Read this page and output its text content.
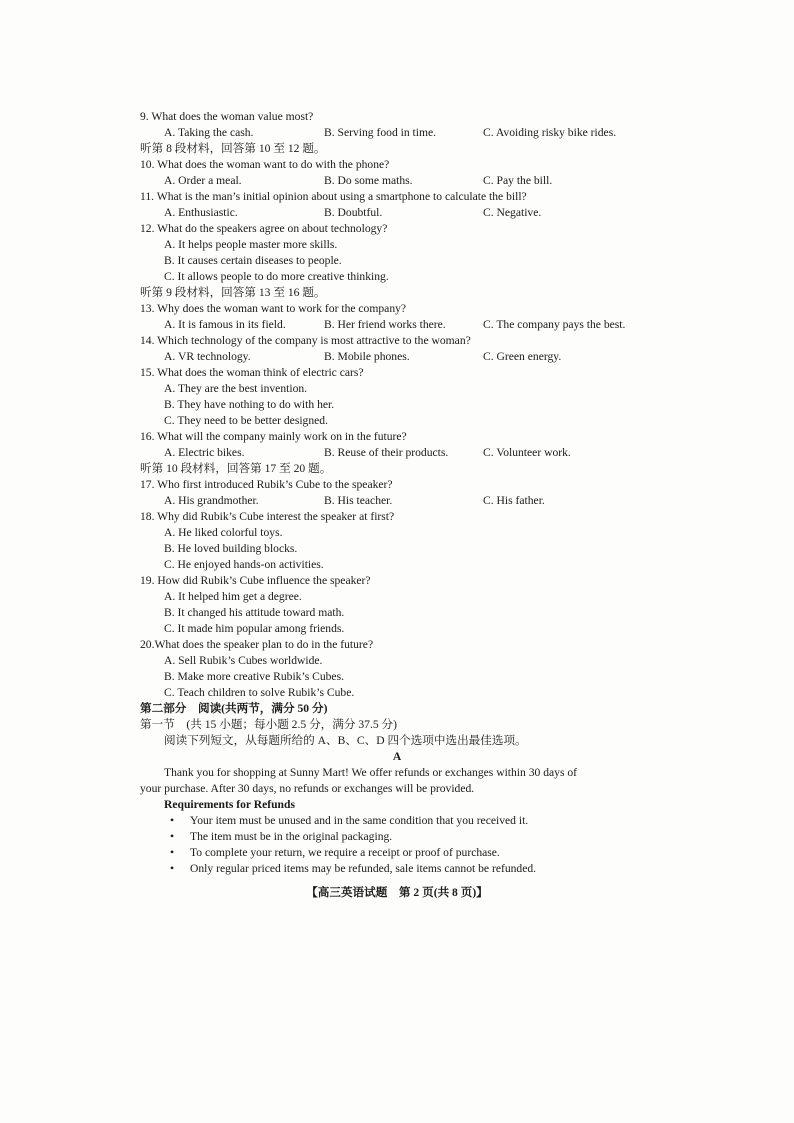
9. What does the woman value most?
A. Taking the cash.	B. Serving food in time.	C. Avoiding risky bike rides.
听第 8 段材料，回答第 10 至 12 题。
10. What does the woman want to do with the phone?
A. Order a meal.	B. Do some maths.	C. Pay the bill.
11. What is the man’s initial opinion about using a smartphone to calculate the bill?
A. Enthusiastic.	B. Doubtful.	C. Negative.
12. What do the speakers agree on about technology?
A. It helps people master more skills.
B. It causes certain diseases to people.
C. It allows people to do more creative thinking.
听第 9 段材料，回答第 13 至 16 题。
13. Why does the woman want to work for the company?
A. It is famous in its field.	B. Her friend works there.	C. The company pays the best.
14. Which technology of the company is most attractive to the woman?
A. VR technology.	B. Mobile phones.	C. Green energy.
15. What does the woman think of electric cars?
A. They are the best invention.
B. They have nothing to do with her.
C. They need to be better designed.
16. What will the company mainly work on in the future?
A. Electric bikes.	B. Reuse of their products.	C. Volunteer work.
听第 10 段材料，回答第 17 至 20 题。
17. Who first introduced Rubik’s Cube to the speaker?
A. His grandmother.	B. His teacher.	C. His father.
18. Why did Rubik’s Cube interest the speaker at first?
A. He liked colorful toys.
B. He loved building blocks.
C. He enjoyed hands-on activities.
19. How did Rubik’s Cube influence the speaker?
A. It helped him get a degree.
B. It changed his attitude toward math.
C. It made him popular among friends.
20.What does the speaker plan to do in the future?
A. Sell Rubik’s Cubes worldwide.
B. Make more creative Rubik’s Cubes.
C. Teach children to solve Rubik’s Cube.
第二部分　阅读(共两节，满分 50 分)
第一节　(共 15 小题；每小题 2.5 分，满分 37.5 分)
阅读下列短文，从每题所给的 A、B、C、D 四个选项中选出最佳选项。
A
Thank you for shopping at Sunny Mart! We offer refunds or exchanges within 30 days of
your purchase. After 30 days, no refunds or exchanges will be provided.
Requirements for Refunds
• Your item must be unused and in the same condition that you received it.
• The item must be in the original packaging.
• To complete your return, we require a receipt or proof of purchase.
• Only regular priced items may be refunded, sale items cannot be refunded.
【高三英语试题　第 2 页(共 8 页)】
